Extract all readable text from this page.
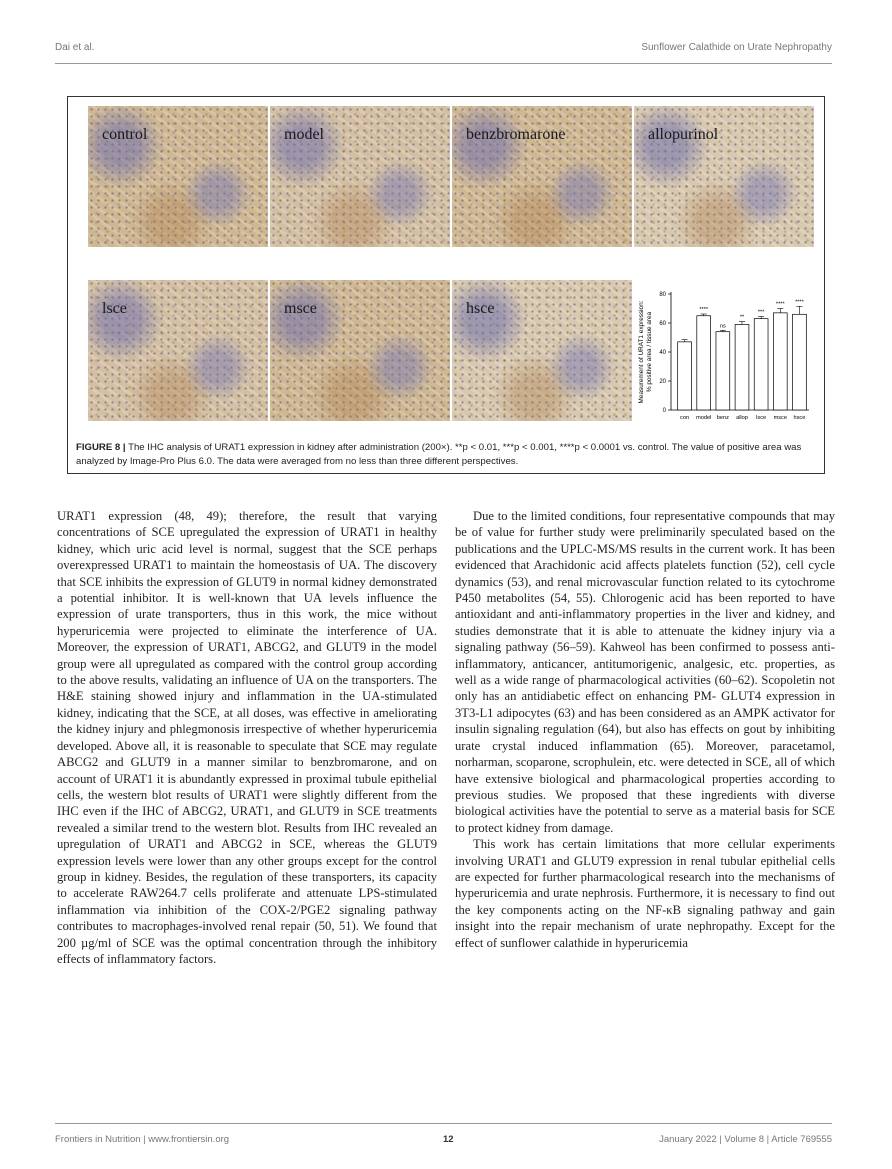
Dai et al.	Sunflower Calathide on Urate Nephropathy
control	model	benzbromarone	allopurinol
lsce	msce	hsce	Measurement of URAT1 expression:% positive area / tissue area
0
20
40
60
80
con
****
model
ns
benz
**
allop
***
lsce
****
msce
****
hsce
FIGURE 8 | The IHC analysis of URAT1 expression in kidney after administration (200×). **p < 0.01, ***p < 0.001, ****p < 0.0001 vs. control. The value of positive area was analyzed by Image-Pro Plus 6.0. The data were averaged from no less than three different perspectives.

URAT1 expression (48, 49); therefore, the result that varying concentrations of SCE upregulated the expression of URAT1 in healthy kidney, which uric acid level is normal, suggest that the SCE perhaps overexpressed URAT1 to maintain the homeostasis of UA. The discovery that SCE inhibits the expression of GLUT9 in normal kidney demonstrated a potential inhibitor. It is well-known that UA levels influence the expression of urate transporters, thus in this work, the mice without hyperuricemia were projected to eliminate the interference of UA. Moreover, the expression of URAT1, ABCG2, and GLUT9 in the model group were all upregulated as compared with the control group according to the above results, validating an influence of UA on the transporters. The H&E staining showed injury and inflammation in the UA-stimulated kidney, indicating that the SCE, at all doses, was effective in ameliorating the kidney injury and phlegmonosis irrespective of whether hyperuricemia developed. Above all, it is reasonable to speculate that SCE may regulate ABCG2 and GLUT9 in a manner similar to benzbromarone, and on account of URAT1 it is abundantly expressed in proximal tubule epithelial cells, the western blot results of URAT1 were slightly different from the IHC even if the IHC of ABCG2, URAT1, and GLUT9 in SCE treatments revealed a similar trend to the western blot. Results from IHC revealed an upregulation of URAT1 and ABCG2 in SCE, whereas the GLUT9 expression levels were lower than any other groups except for the control group in kidney. Besides, the regulation of these transporters, its capacity to accelerate RAW264.7 cells proliferate and attenuate LPS-stimulated inflammation via inhibition of the COX-2/PGE2 signaling pathway contributes to macrophages-involved renal repair (50, 51). We found that 200 µg/ml of SCE was the optimal concentration through the inhibitory effects of inflammatory factors.

Due to the limited conditions, four representative compounds that may be of value for further study were preliminarily speculated based on the publications and the UPLC-MS/MS results in the current work. It has been evidenced that Arachidonic acid affects platelets function (52), cell cycle dynamics (53), and renal microvascular function related to its cytochrome P450 metabolites (54, 55). Chlorogenic acid has been reported to have antioxidant and anti-inflammatory properties in the liver and kidney, and studies demonstrate that it is able to attenuate the kidney injury via a signaling pathway (56–59). Kahweol has been confirmed to possess anti-inflammatory, anticancer, antitumorigenic, analgesic, etc. properties, as well as a wide range of pharmacological activities (60–62). Scopoletin not only has an antidiabetic effect on enhancing PM- GLUT4 expression in 3T3-L1 adipocytes (63) and has been considered as an AMPK activator for insulin signaling regulation (64), but also has effects on gout by inhibiting urate crystal induced inflammation (65). Moreover, paracetamol, norharman, scoparone, scrophulein, etc. were detected in SCE, all of which have extensive biological and pharmacological properties according to previous studies. We proposed that these ingredients with diverse biological activities have the potential to serve as a material basis for SCE to protect kidney from damage.

This work has certain limitations that more cellular experiments involving URAT1 and GLUT9 expression in renal tubular epithelial cells are expected for further pharmacological research into the mechanisms of hyperuricemia and urate nephrosis. Furthermore, it is necessary to find out the key components acting on the NF-κB signaling pathway and gain insight into the repair mechanism of urate nephropathy. Except for the effect of sunflower calathide in hyperuricemia

Frontiers in Nutrition | www.frontiersin.org	12	January 2022 | Volume 8 | Article 769555
